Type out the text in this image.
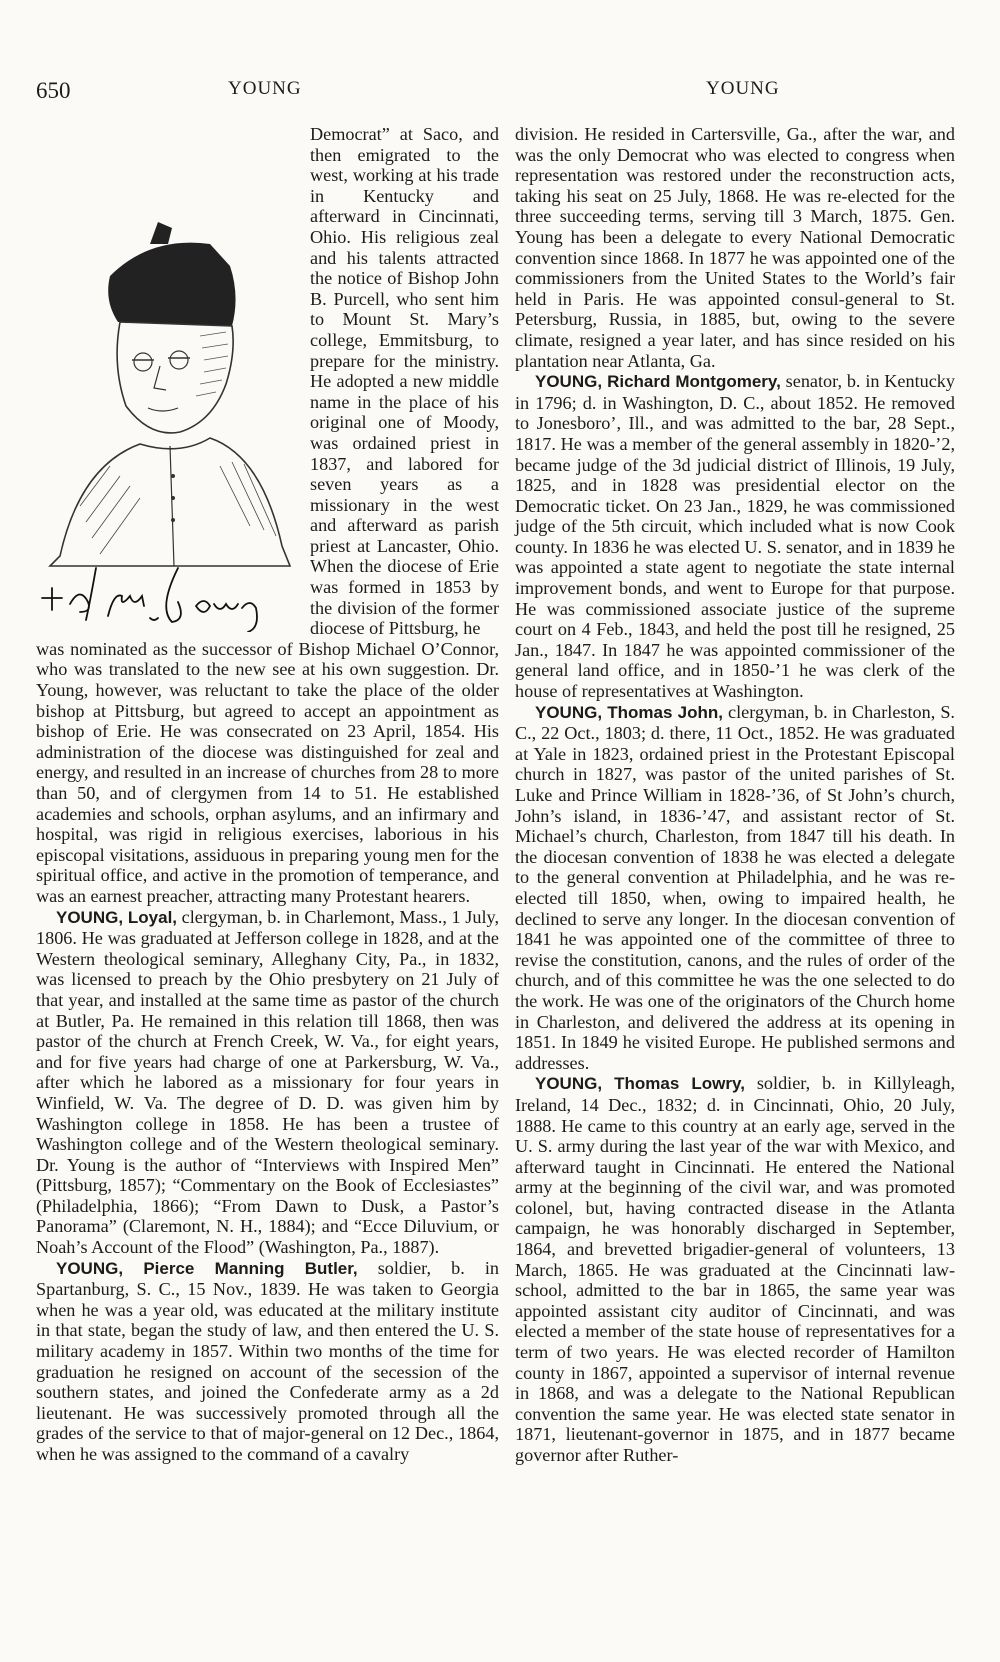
650	YOUNG	YOUNG

Democrat” at Saco, and then emigrated to the west, working at his trade in Kentucky and afterward in Cincinnati, Ohio. His religious zeal and his talents attracted the notice of Bishop John B. Purcell, who sent him to Mount St. Mary’s college, Emmitsburg, to prepare for the ministry. He adopted a new middle name in the place of his original one of Moody, was ordained priest in 1837, and labored for seven years as a missionary in the west and afterward as parish priest at Lancaster, Ohio. When the diocese of Erie was formed in 1853 by the division of the former diocese of Pittsburg, he

was nominated as the successor of Bishop Michael O’Connor, who was translated to the new see at his own suggestion. Dr. Young, however, was reluctant to take the place of the older bishop at Pittsburg, but agreed to accept an appointment as bishop of Erie. He was consecrated on 23 April, 1854. His administration of the diocese was distinguished for zeal and energy, and resulted in an increase of churches from 28 to more than 50, and of clergymen from 14 to 51. He established academies and schools, orphan asylums, and an infirmary and hospital, was rigid in religious exercises, laborious in his episcopal visitations, assiduous in preparing young men for the spiritual office, and active in the promotion of temperance, and was an earnest preacher, attracting many Protestant hearers.

YOUNG, Loyal, clergyman, b. in Charlemont, Mass., 1 July, 1806. He was graduated at Jefferson college in 1828, and at the Western theological seminary, Alleghany City, Pa., in 1832, was licensed to preach by the Ohio presbytery on 21 July of that year, and installed at the same time as pastor of the church at Butler, Pa. He remained in this relation till 1868, then was pastor of the church at French Creek, W. Va., for eight years, and for five years had charge of one at Parkersburg, W. Va., after which he labored as a missionary for four years in Winfield, W. Va. The degree of D. D. was given him by Washington college in 1858. He has been a trustee of Washington college and of the Western theological seminary. Dr. Young is the author of “Interviews with Inspired Men” (Pittsburg, 1857); “Commentary on the Book of Ecclesiastes” (Philadelphia, 1866); “From Dawn to Dusk, a Pastor’s Panorama” (Claremont, N. H., 1884); and “Ecce Diluvium, or Noah’s Account of the Flood” (Washington, Pa., 1887).

YOUNG, Pierce Manning Butler, soldier, b. in Spartanburg, S. C., 15 Nov., 1839. He was taken to Georgia when he was a year old, was educated at the military institute in that state, began the study of law, and then entered the U. S. military academy in 1857. Within two months of the time for graduation he resigned on account of the secession of the southern states, and joined the Confederate army as a 2d lieutenant. He was successively promoted through all the grades of the service to that of major-general on 12 Dec., 1864, when he was assigned to the command of a cavalry

division. He resided in Cartersville, Ga., after the war, and was the only Democrat who was elected to congress when representation was restored under the reconstruction acts, taking his seat on 25 July, 1868. He was re-elected for the three succeeding terms, serving till 3 March, 1875. Gen. Young has been a delegate to every National Democratic convention since 1868. In 1877 he was appointed one of the commissioners from the United States to the World’s fair held in Paris. He was appointed consul-general to St. Petersburg, Russia, in 1885, but, owing to the severe climate, resigned a year later, and has since resided on his plantation near Atlanta, Ga.

YOUNG, Richard Montgomery, senator, b. in Kentucky in 1796; d. in Washington, D. C., about 1852. He removed to Jonesboro’, Ill., and was admitted to the bar, 28 Sept., 1817. He was a member of the general assembly in 1820-’2, became judge of the 3d judicial district of Illinois, 19 July, 1825, and in 1828 was presidential elector on the Democratic ticket. On 23 Jan., 1829, he was commissioned judge of the 5th circuit, which included what is now Cook county. In 1836 he was elected U. S. senator, and in 1839 he was appointed a state agent to negotiate the state internal improvement bonds, and went to Europe for that purpose. He was commissioned associate justice of the supreme court on 4 Feb., 1843, and held the post till he resigned, 25 Jan., 1847. In 1847 he was appointed commissioner of the general land office, and in 1850-’1 he was clerk of the house of representatives at Washington.

YOUNG, Thomas John, clergyman, b. in Charleston, S. C., 22 Oct., 1803; d. there, 11 Oct., 1852. He was graduated at Yale in 1823, ordained priest in the Protestant Episcopal church in 1827, was pastor of the united parishes of St. Luke and Prince William in 1828-’36, of St John’s church, John’s island, in 1836-’47, and assistant rector of St. Michael’s church, Charleston, from 1847 till his death. In the diocesan convention of 1838 he was elected a delegate to the general convention at Philadelphia, and he was re-elected till 1850, when, owing to impaired health, he declined to serve any longer. In the diocesan convention of 1841 he was appointed one of the committee of three to revise the constitution, canons, and the rules of order of the church, and of this committee he was the one selected to do the work. He was one of the originators of the Church home in Charleston, and delivered the address at its opening in 1851. In 1849 he visited Europe. He published sermons and addresses.

YOUNG, Thomas Lowry, soldier, b. in Killyleagh, Ireland, 14 Dec., 1832; d. in Cincinnati, Ohio, 20 July, 1888. He came to this country at an early age, served in the U. S. army during the last year of the war with Mexico, and afterward taught in Cincinnati. He entered the National army at the beginning of the civil war, and was promoted colonel, but, having contracted disease in the Atlanta campaign, he was honorably discharged in September, 1864, and brevetted brigadier-general of volunteers, 13 March, 1865. He was graduated at the Cincinnati law-school, admitted to the bar in 1865, the same year was appointed assistant city auditor of Cincinnati, and was elected a member of the state house of representatives for a term of two years. He was elected recorder of Hamilton county in 1867, appointed a supervisor of internal revenue in 1868, and was a delegate to the National Republican convention the same year. He was elected state senator in 1871, lieutenant-governor in 1875, and in 1877 became governor after Ruther-
